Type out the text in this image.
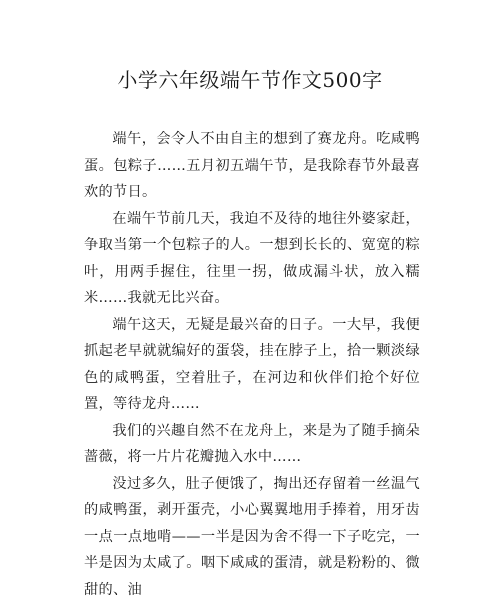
小学六年级端午节作文500字

端午，会令人不由自主的想到了赛龙舟。吃咸鸭蛋。包粽子……五月初五端午节，是我除春节外最喜欢的节日。

在端午节前几天，我迫不及待的地往外婆家赶，争取当第一个包粽子的人。一想到长长的、宽宽的粽叶，用两手握住，往里一拐，做成漏斗状，放入糯米……我就无比兴奋。

端午这天，无疑是最兴奋的日子。一大早，我便抓起老早就就编好的蛋袋，挂在脖子上，拾一颗淡绿色的咸鸭蛋，空着肚子，在河边和伙伴们抢个好位置，等待龙舟……

我们的兴趣自然不在龙舟上，来是为了随手摘朵蔷薇，将一片片花瓣抛入水中……

没过多久，肚子便饿了，掏出还存留着一丝温气的咸鸭蛋，剥开蛋壳，小心翼翼地用手捧着，用牙齿一点一点地啃——一半是因为舍不得一下子吃完，一半是因为太咸了。咽下咸咸的蛋清，就是粉粉的、微甜的、油
